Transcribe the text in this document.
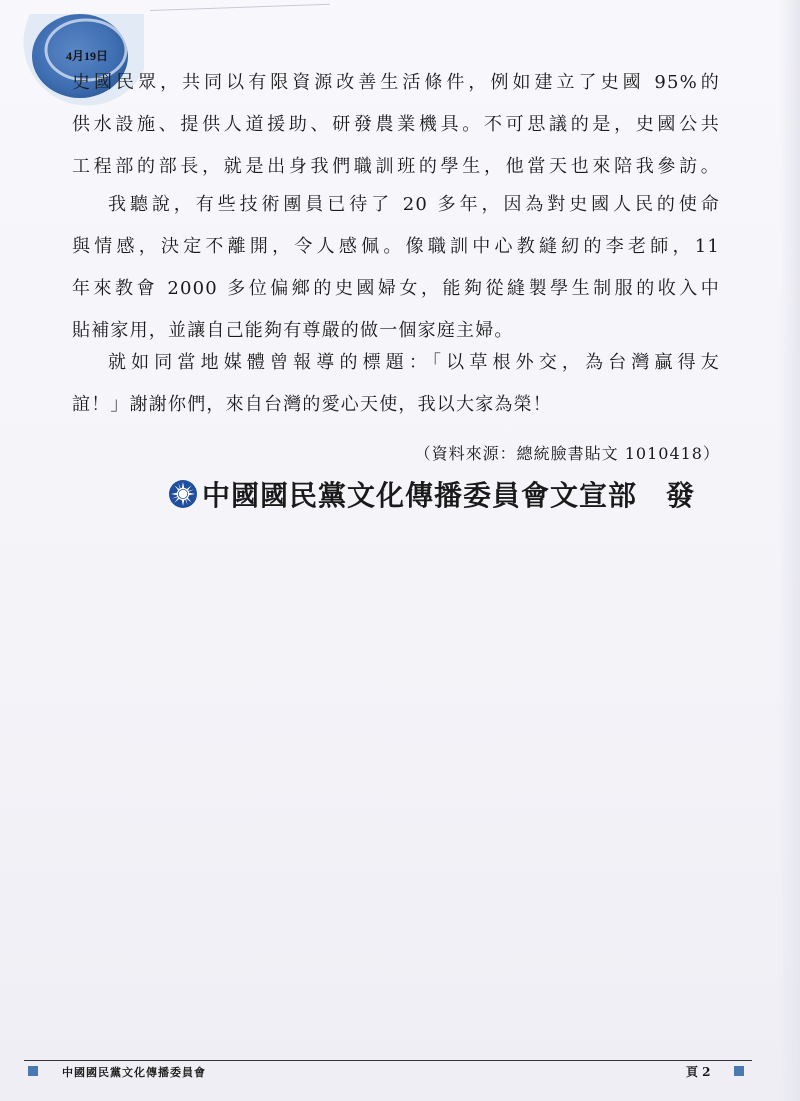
4月19日
史國民眾，共同以有限資源改善生活條件，例如建立了史國 95%的
供水設施、提供人道援助、研發農業機具。不可思議的是，史國公共
工程部的部長，就是出身我們職訓班的學生，他當天也來陪我參訪。
我聽說，有些技術團員已待了 20 多年，因為對史國人民的使命
與情感，決定不離開，令人感佩。像職訓中心教縫紉的李老師，11
年來教會 2000 多位偏鄉的史國婦女，能夠從縫製學生制服的收入中
貼補家用，並讓自己能夠有尊嚴的做一個家庭主婦。
就如同當地媒體曾報導的標題：「以草根外交，為台灣贏得友
誼！」謝謝你們，來自台灣的愛心天使，我以大家為榮！
（資料來源：總統臉書貼文 1010418）
中國國民黨文化傳播委員會文宣部　發
中國國民黨文化傳播委員會	頁 2
